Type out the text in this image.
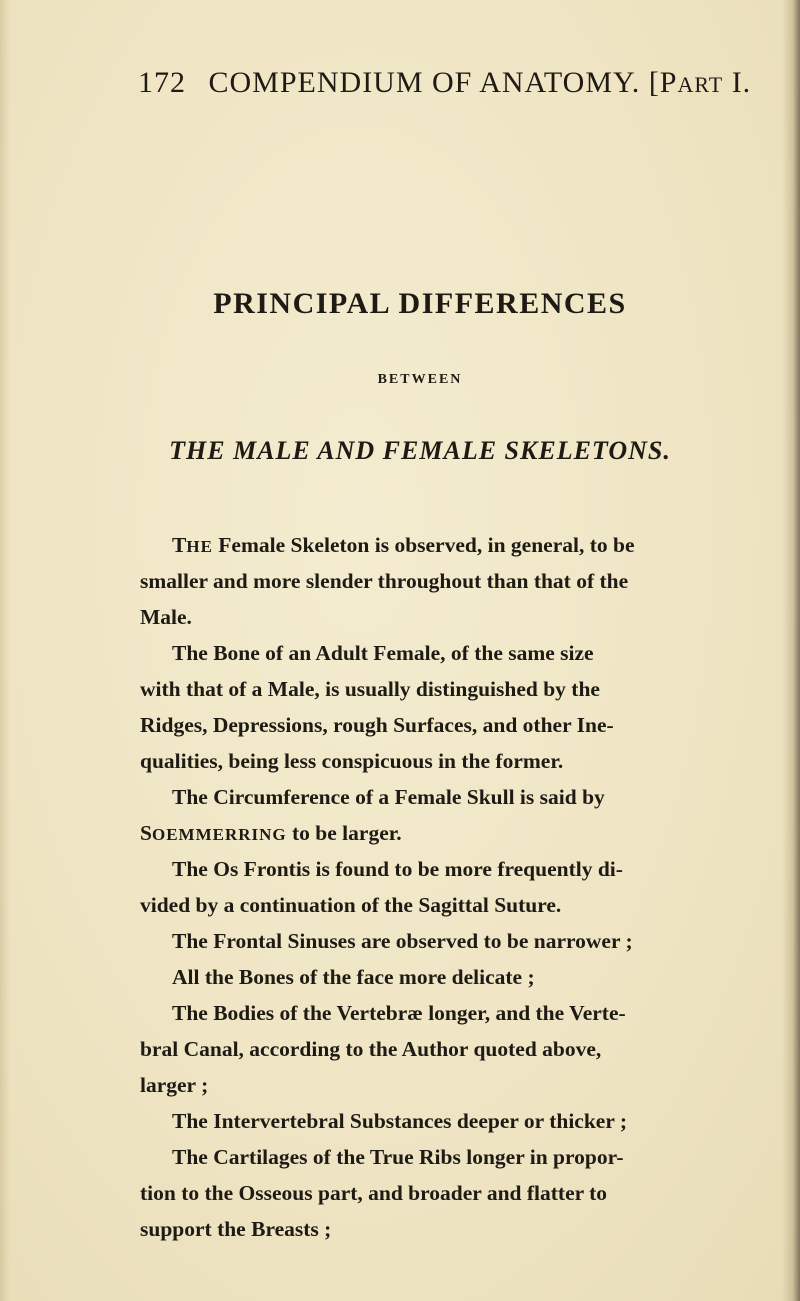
172 COMPENDIUM OF ANATOMY. [PART I.
PRINCIPAL DIFFERENCES
BETWEEN
THE MALE AND FEMALE SKELETONS.
THE Female Skeleton is observed, in general, to be
smaller and more slender throughout than that of the
Male.
The Bone of an Adult Female, of the same size
with that of a Male, is usually distinguished by the
Ridges, Depressions, rough Surfaces, and other Ine-
qualities, being less conspicuous in the former.
The Circumference of a Female Skull is said by
SOEMMERRING to be larger.
The Os Frontis is found to be more frequently di-
vided by a continuation of the Sagittal Suture.
The Frontal Sinuses are observed to be narrower ;
All the Bones of the face more delicate ;
The Bodies of the Vertebræ longer, and the Verte-
bral Canal, according to the Author quoted above,
larger ;
The Intervertebral Substances deeper or thicker ;
The Cartilages of the True Ribs longer in propor-
tion to the Osseous part, and broader and flatter to
support the Breasts ;
